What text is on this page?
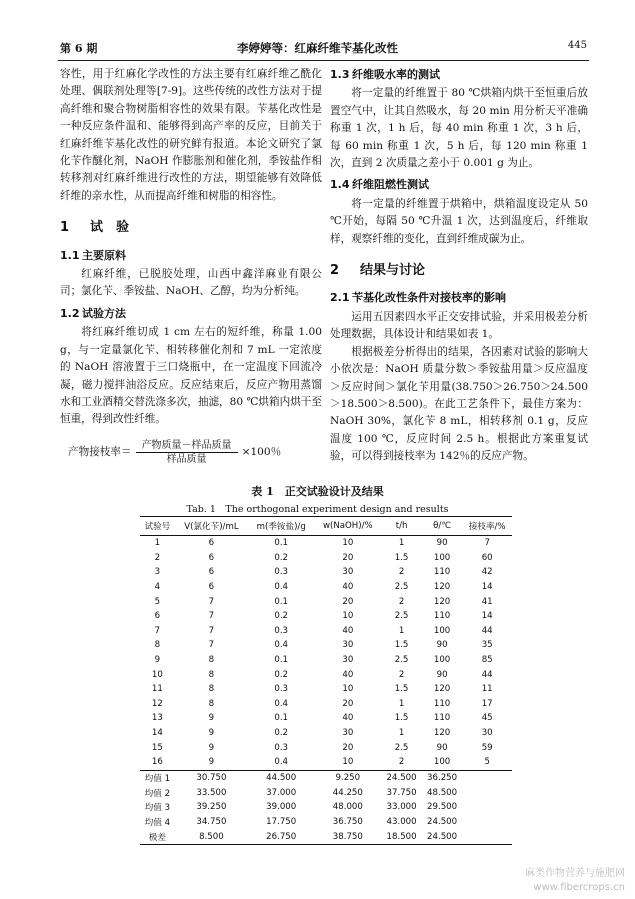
第 6 期	李婷婷等：红麻纤维苄基化改性	445

容性，用于红麻化学改性的方法主要有红麻纤维乙酰化处理、偶联剂处理等[7-9]。这些传统的改性方法对于提高纤维和聚合物树脂相容性的效果有限。苄基化改性是一种反应条件温和、能够得到高产率的反应，目前关于红麻纤维苄基化改性的研究鲜有报道。本论文研究了氯化苄作醚化剂，NaOH 作膨胀剂和催化剂，季铵盐作相转移剂对红麻纤维进行改性的方法，期望能够有效降低纤维的亲水性，从而提高纤维和树脂的相容性。

1 试　验
1.1 主要原料

红麻纤维，已脱胶处理，山西中鑫洋麻业有限公司；氯化苄、季铵盐、NaOH、乙醇，均为分析纯。

1.2 试验方法

将红麻纤维切成 1 cm 左右的短纤维，称量 1.00 g，与一定量氯化苄、相转移催化剂和 7 mL 一定浓度的 NaOH 溶液置于三口烧瓶中，在一定温度下回流冷凝，磁力搅拌油浴反应。反应结束后，反应产物用蒸馏水和工业酒精交替洗涤多次，抽滤，80 ℃烘箱内烘干至恒重，得到改性纤维。

产物接枝率＝ $\frac{\text{产物质量－样品质量}}{\text{样品质量}} \times 100$％
1.3 纤维吸水率的测试

将一定量的纤维置于 80 ℃烘箱内烘干至恒重后放置空气中，让其自然吸水，每 20 min 用分析天平准确称重 1 次，1 h 后，每 40 min 称重 1 次，3 h 后，每 60 min 称重 1 次，5 h 后，每 120 min 称重 1 次，直到 2 次质量之差小于 0.001 g 为止。

1.4 纤维阻燃性测试

将一定量的纤维置于烘箱中，烘箱温度设定从 50 ℃开始，每隔 50 ℃升温 1 次，达到温度后，纤维取样，观察纤维的变化，直到纤维成碳为止。

2 结果与讨论
2.1 苄基化改性条件对接枝率的影响

运用五因素四水平正交安排试验，并采用极差分析处理数据，具体设计和结果如表 1。

根据极差分析得出的结果，各因素对试验的影响大小依次是：NaOH 质量分数＞季铵盐用量＞反应温度＞反应时间＞氯化苄用量(38.750＞26.750＞24.500＞18.500＞8.500)。在此工艺条件下，最佳方案为：NaOH 30%，氯化苄 8 mL，相转移剂 0.1 g，反应温度 100 ℃，反应时间 2.5 h。根据此方案重复试验，可以得到接枝率为 142％的反应产物。

表 1　正交试验设计及结果
Tab. 1　The orthogonal experiment design and results
试验号	V(氯化苄)/mL	m(季铵盐)/g	w(NaOH)/%	t/h	θ/℃	接枝率/%
1	6	0.1	10	1	90	7
2	6	0.2	20	1.5	100	60
3	6	0.3	30	2	110	42
4	6	0.4	40	2.5	120	14
5	7	0.1	20	2	120	41
6	7	0.2	10	2.5	110	14
7	7	0.3	40	1	100	44
8	7	0.4	30	1.5	90	35
9	8	0.1	30	2.5	100	85
10	8	0.2	40	2	90	44
11	8	0.3	10	1.5	120	11
12	8	0.4	20	1	110	17
13	9	0.1	40	1.5	110	45
14	9	0.2	30	1	120	30
15	9	0.3	20	2.5	90	59
16	9	0.4	10	2	100	5
均值 1	30.750	44.500	9.250	24.500	36.250	
均值 2	33.500	37.000	44.250	37.750	48.500	
均值 3	39.250	39.000	48.000	33.000	29.500	
均值 4	34.750	17.750	36.750	43.000	24.500	
极差	8.500	26.750	38.750	18.500	24.500	
麻类作物营养与施肥网
www.fibercrops.cn
